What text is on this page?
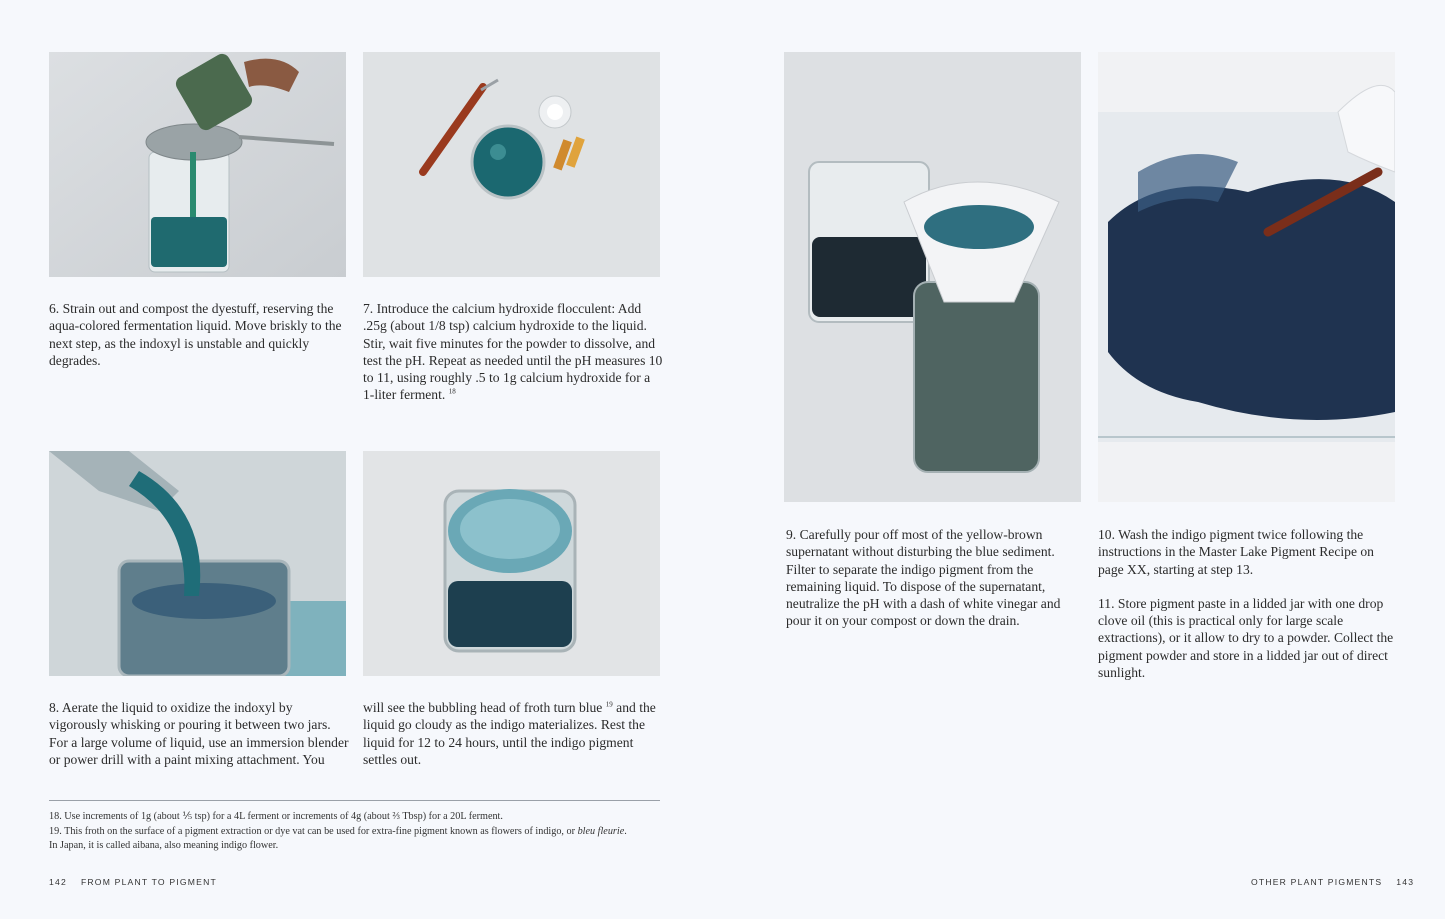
6. Strain out and compost the dyestuff, reserving the aqua-colored fermentation liquid. Move briskly to the next step, as the indoxyl is unstable and quickly degrades.

7. Introduce the calcium hydroxide flocculent: Add .25g (about 1/8 tsp) calcium hydroxide to the liquid. Stir, wait five minutes for the powder to dissolve, and test the pH. Repeat as needed until the pH measures 10 to 11, using roughly .5 to 1g calcium hydroxide for a 1-liter ferment. $^{18}$

8. Aerate the liquid to oxidize the indoxyl by vigorously whisking or pouring it between two jars. For a large volume of liquid, use an immersion blender or power drill with a paint mixing attachment. You

will see the bubbling head of froth turn blue $^{19}$ and the liquid go cloudy as the indigo materializes. Rest the liquid for 12 to 24 hours, until the indigo pigment settles out.

18. Use increments of 1g (about ⅕ tsp) for a 4L ferment or increments of 4g (about ⅔ Tbsp) for a 20L ferment.

19. This froth on the surface of a pigment extraction or dye vat can be used for extra-fine pigment known as flowers of indigo, or bleu fleurie.

In Japan, it is called aibana, also meaning indigo flower.

142 FROM PLANT TO PIGMENT

9. Carefully pour off most of the yellow-brown supernatant without disturbing the blue sediment. Filter to separate the indigo pigment from the remaining liquid. To dispose of the supernatant, neutralize the pH with a dash of white vinegar and pour it on your compost or down the drain.

10. Wash the indigo pigment twice following the instructions in the Master Lake Pigment Recipe on page XX, starting at step 13.

11. Store pigment paste in a lidded jar with one drop clove oil (this is practical only for large scale extractions), or it allow to dry to a powder. Collect the pigment powder and store in a lidded jar out of direct sunlight.

OTHER PLANT PIGMENTS 143
